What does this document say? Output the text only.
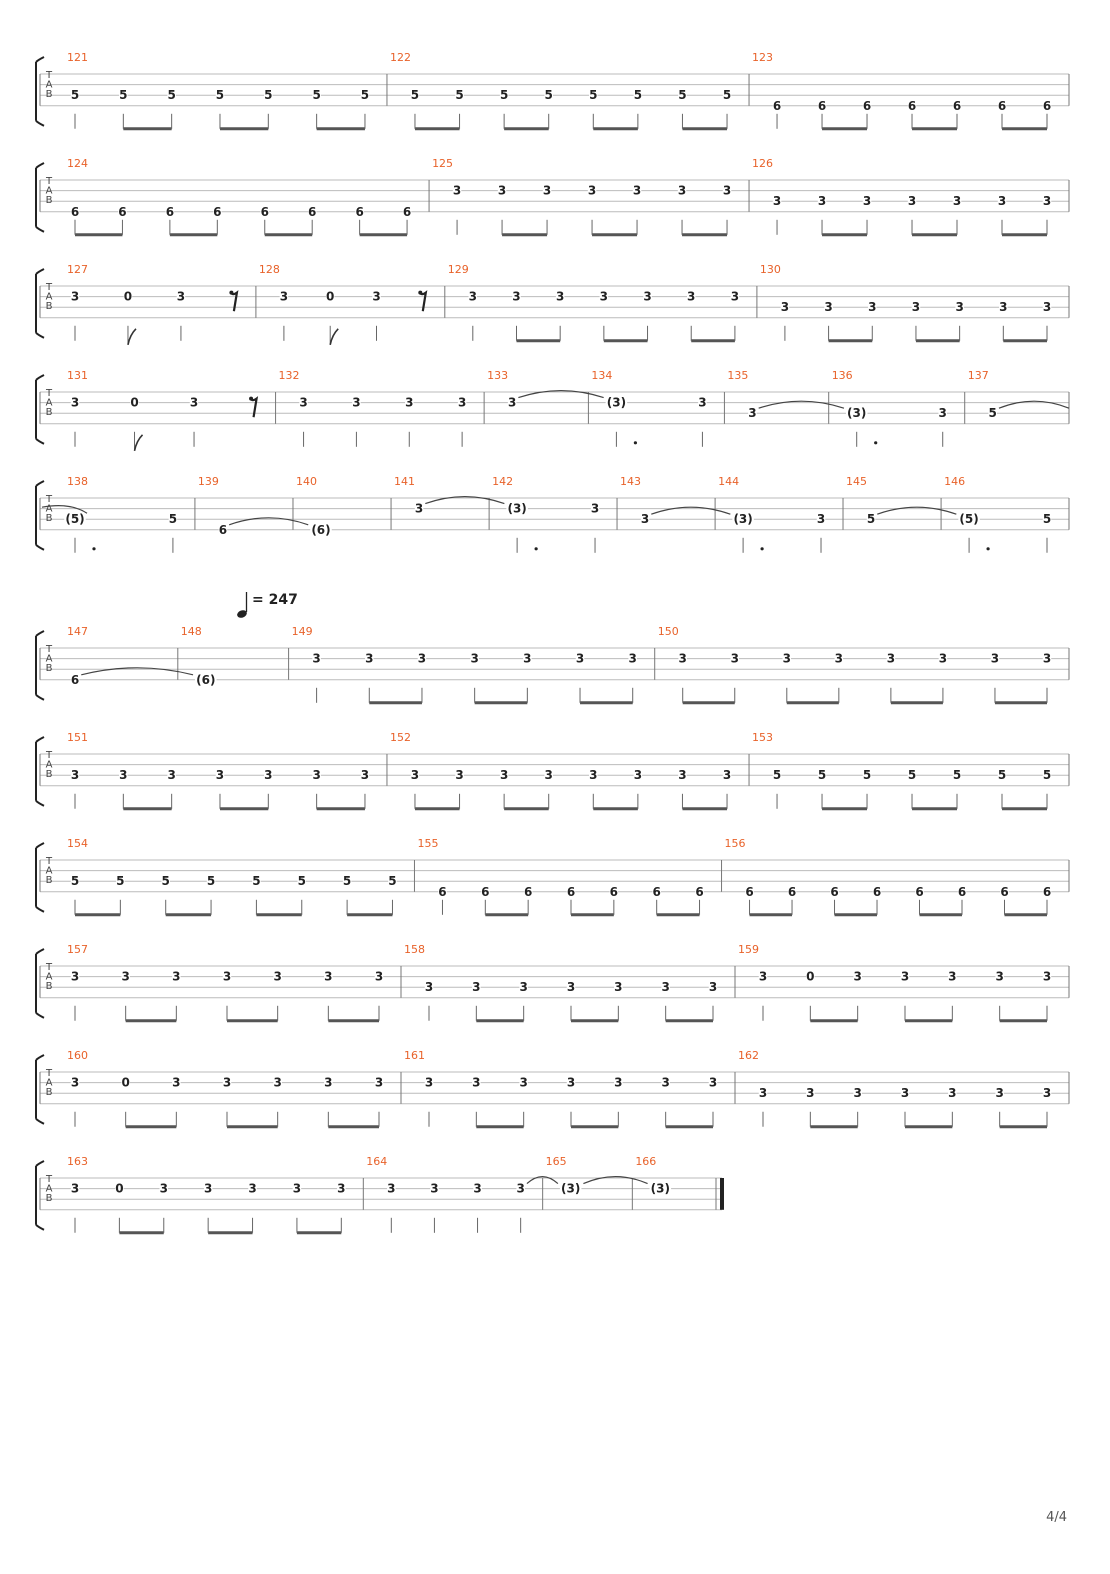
T
A
B
121
5	5	5	5	5	5	5
122
5	5	5	5	5	5	5	5
123
6	6	6	6	6	6	6
T
A
B
124
6	6	6	6	6	6	6	6
125
3	3	3	3	3	3	3
126
3	3	3	3	3	3	3
T
A
B
127
3	0	3
128
3	0	3
129
3	3	3	3	3	3	3
130
3	3	3	3	3	3	3
T
A
B
131
3	0	3
132
3	3	3	3
133
3
134
(3)	3
135
3
136
(3)	3
137
5
T
A
B
138
(5)	5
139
6
140
(6)
141
3
142
(3)	3
143
3
144
(3)	3
145
5
146
(5)	5
T
A
B
147
6
148
(6)
149
3	3	3	3	3	3	3
150
3	3	3	3	3	3	3	3
T
A
B
151
3	3	3	3	3	3	3
152
3	3	3	3	3	3	3	3
153
5	5	5	5	5	5	5
T
A
B
154
5	5	5	5	5	5	5	5
155
6	6	6	6	6	6	6
156
6	6	6	6	6	6	6	6
T
A
B
157
3	3	3	3	3	3	3
158
3	3	3	3	3	3	3
159
3	0	3	3	3	3	3
T
A
B
160
3	0	3	3	3	3	3
161
3	3	3	3	3	3	3
162
3	3	3	3	3	3	3
T
A
B
163
3	0	3	3	3	3	3
164
3	3	3	3
165
(3)
166
(3)
= 247
4/4
